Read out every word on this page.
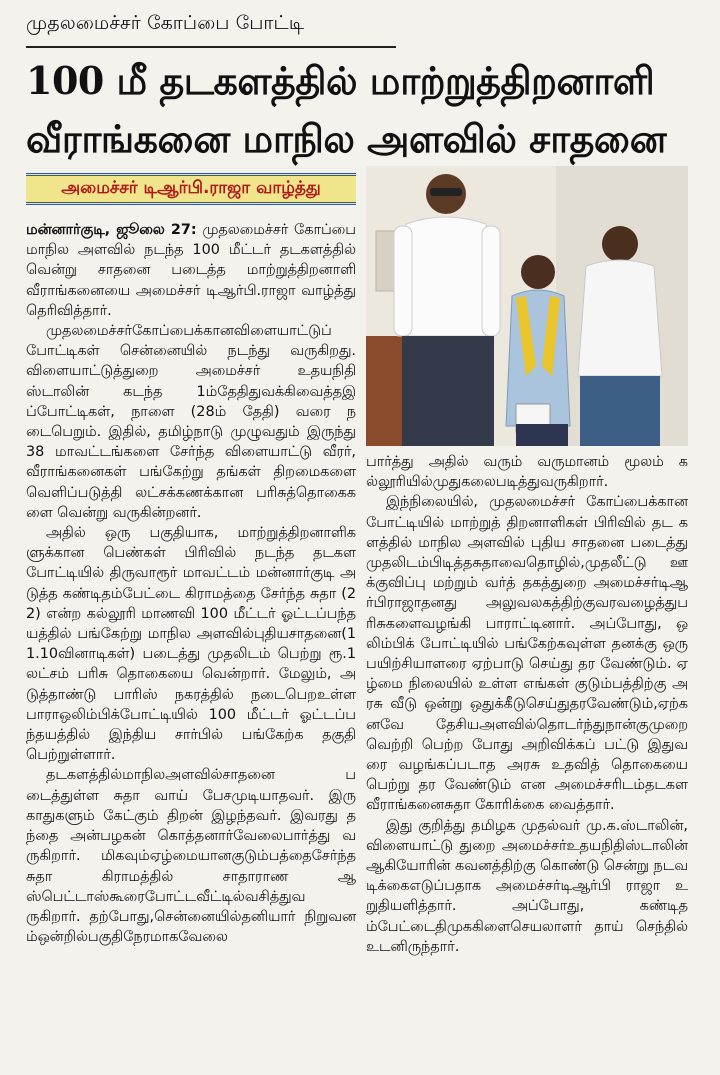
முதலமைச்சர் கோப்பை போட்டி
100 மீ தடகளத்தில் மாற்றுத்திறனாளி
வீராங்கனை மாநில அளவில் சாதனை
அமைச்சர் டிஆர்பி.ராஜா வாழ்த்து

மன்னார்குடி, ஜூலை 27: முதலமைச்சர் கோப்பை மாநில அளவில் நடந்த 100 மீட்டர் தடகளத்தில் வென்று சாதனை படைத்த மாற்றுத்திறனாளி வீராங்கனையை அமைச்சர் டிஆர்பி.ராஜா வாழ்த்து தெரிவித்தார்.

முதலமைச்சர்கோப்பைக்கானவிளையாட்டுப் போட்டிகள் சென்னையில் நடந்து வருகிறது. விளையாட்டுத்துறை அமைச்சர் உதயநிதி ஸ்டாலின் கடந்த 1ம்தேதிதுவக்கிவைத்தஇப்போட்டிகள், நாளை (28ம் தேதி) வரை நடைபெறும். இதில், தமிழ்நாடு முழுவதும் இருந்து 38 மாவட்டங்களை சேர்ந்த விளையாட்டு வீரர், வீராங்கனைகள் பங்கேற்று தங்கள் திறமைகளை வெளிப்படுத்தி லட்சக்கணக்கான பரிசுத்தொகைகளை வென்று வருகின்றனர்.

அதில் ஒரு பகுதியாக, மாற்றுத்திறனாளிகளுக்கான பெண்கள் பிரிவில் நடந்த தடகள போட்டியில் திருவாரூர் மாவட்டம் மன்னார்குடி அடுத்த கண்டிதம்பேட்டை கிராமத்தை சேர்ந்த சுதா (22) என்ற கல்லூரி மாணவி 100 மீட்டர் ஓட்டப்பந்தயத்தில் பங்கேற்று மாநில அளவில்புதியசாதனை(11.10வினாடிகள்) படைத்து முதலிடம் பெற்று ரூ.1 லட்சம் பரிசு தொகையை வென்றார். மேலும், அடுத்தாண்டு பாரிஸ் நகரத்தில் நடைபெறஉள்ளபாராஒலிம்பிக்போட்டியில் 100 மீட்டர் ஓட்டப்பந்தயத்தில் இந்திய சார்பில் பங்கேற்க தகுதி பெற்றுள்ளார்.

தடகளத்தில்மாநிலஅளவில்சாதனை படைத்துள்ள சுதா வாய் பேசமுடியாதவர். இரு காதுகளும் கேட்கும் திறன் இழந்தவர். இவரது தந்தை அன்பழகன் கொத்தனார்வேலைபார்த்து வருகிறார். மிகவும்ஏழ்மையானகுடும்பத்தைசேர்ந்த சுதா கிராமத்தில் சாதாராண ஆஸ்பெட்டாஸ்கூரைபோட்டவீட்டில்வசித்துவருகிறார். தற்போது,சென்னையில்தனியார் நிறுவனம்ஒன்றில்பகுதிநேரமாகவேலை

பார்த்து அதில் வரும் வருமானம் மூலம் கல்லூரியில்முதுகலைபடித்துவருகிறார்.

இந்நிலையில், முதலமைச்சர் கோப்பைக்கான போட்டியில் மாற்றுத் திறனாளிகள் பிரிவில் தட களத்தில் மாநில அளவில் புதிய சாதனை படைத்து முதலிடம்பிடித்தசுதாவைதொழில்,முதலீட்டு ஊக்குவிப்பு மற்றும் வர்த் தகத்துறை அமைச்சர்டிஆர்பிராஜாதனது அலுவலகத்திற்குவரவழைத்துபரிசுகளைவழங்கி பாராட்டினார். அப்போது, ஒலிம்பிக் போட்டியில் பங்கேற்கவுள்ள தனக்கு ஒரு பயிற்சியாளரை ஏற்பாடு செய்து தர வேண்டும். ஏழ்மை நிலையில் உள்ள எங்கள் குடும்பத்திற்கு அரசு வீடு ஒன்று ஒதுக்கீடுசெய்துதரவேண்டும்,ஏற்கனவே தேசியஅளவில்தொடர்ந்துநான்குமுறை வெற்றி பெற்ற போது அறிவிக்கப் பட்டு இதுவரை வழங்கப்படாத அரசு உதவித் தொகையை பெற்று தர வேண்டும் என அமைச்சரிடம்தடகளவீராங்கனைசுதா கோரிக்கை வைத்தார்.

இது குறித்து தமிழக முதல்வர் மு.க.ஸ்டாலின், விளையாட்டு துறை அமைச்சர்உதயநிதிஸ்டாலின் ஆகியோரின் கவனத்திற்கு கொண்டு சென்று நடவடிக்கைஎடுப்பதாக அமைச்சர்டிஆர்பி ராஜா உறுதியளித்தார். அப்போது, கண்டிதம்பேட்டைதிமுககிளைசெயலாளர் தாய் செந்தில் உடனிருந்தார்.
